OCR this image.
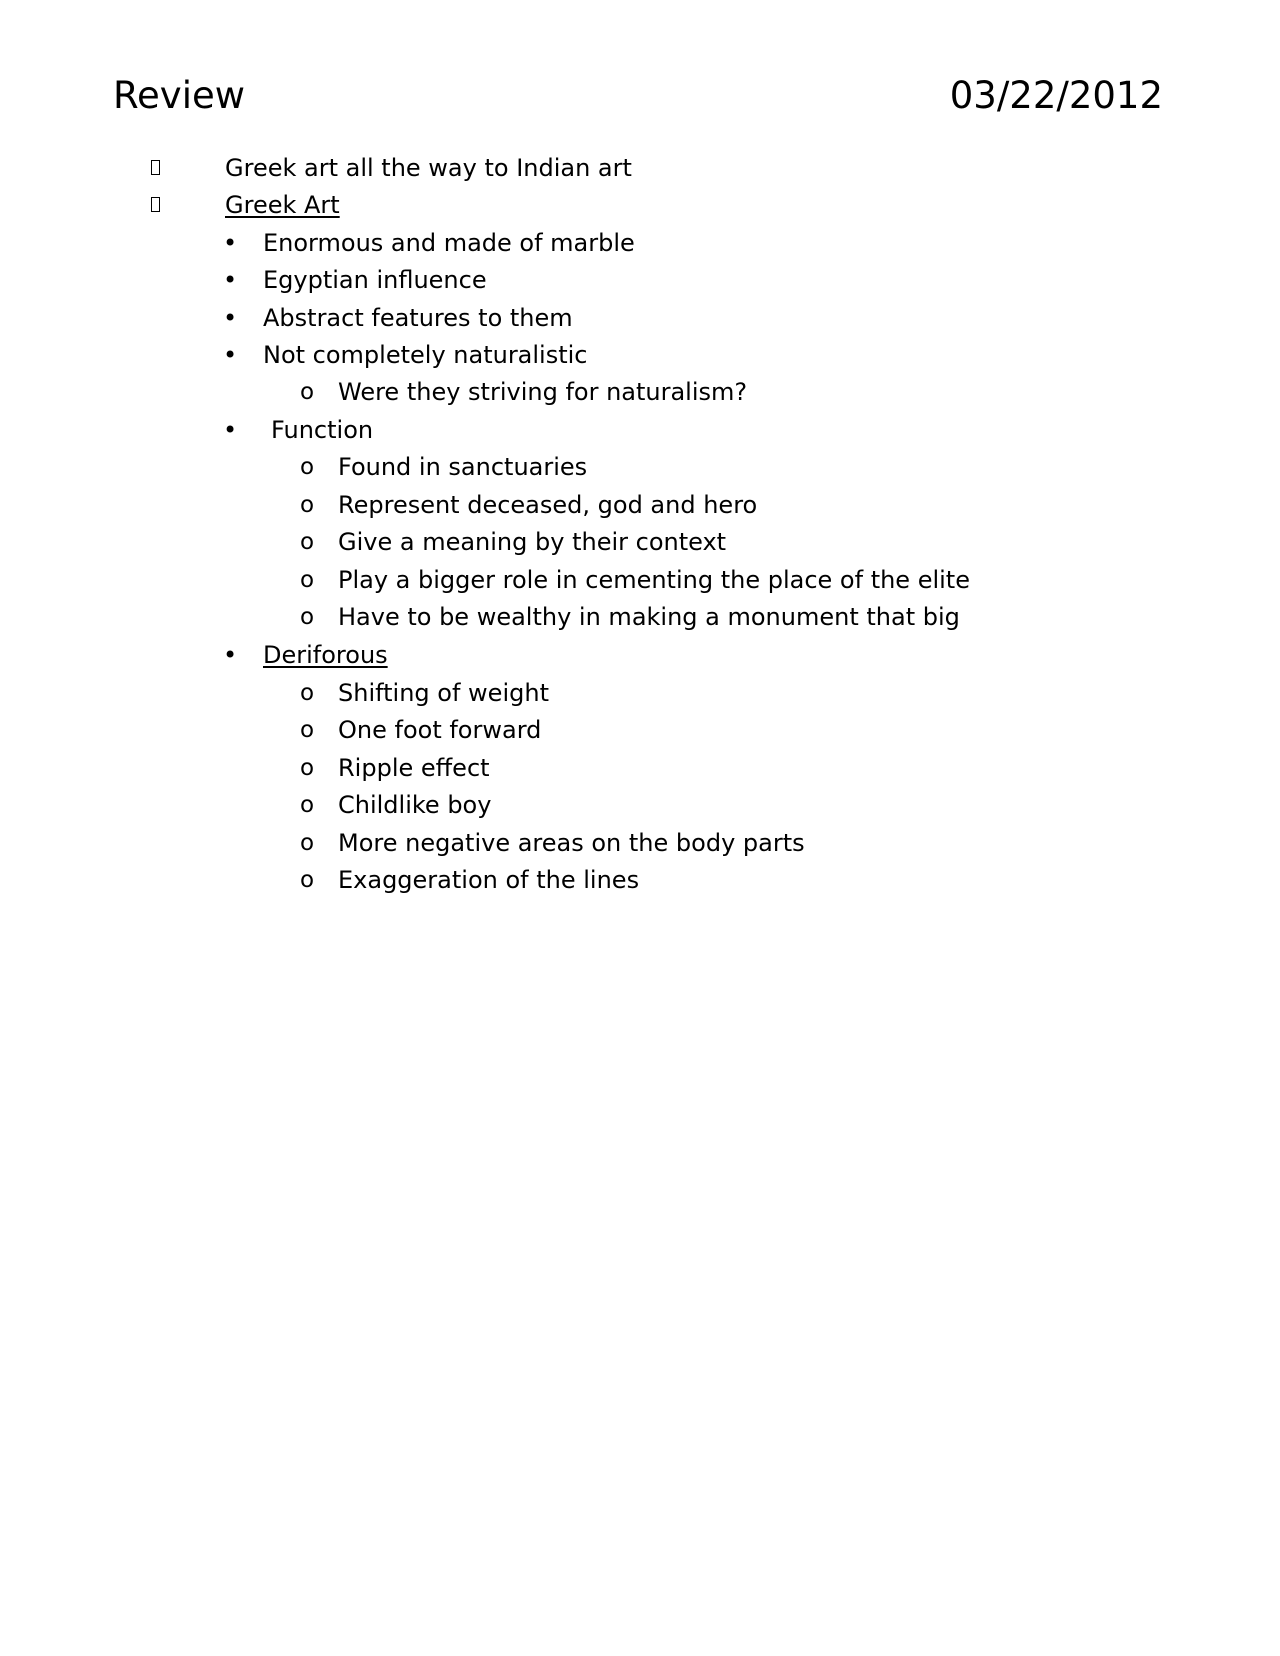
Review	03/22/2012
Greek art all the way to Indian art
Greek Art
• Enormous and made of marble
• Egyptian influence
• Abstract features to them
• Not completely naturalistic
o Were they striving for naturalism?
• Function
o Found in sanctuaries
o Represent deceased, god and hero
o Give a meaning by their context
o Play a bigger role in cementing the place of the elite
o Have to be wealthy in making a monument that big
• Deriforous
o Shifting of weight
o One foot forward
o Ripple effect
o Childlike boy
o More negative areas on the body parts
o Exaggeration of the lines
